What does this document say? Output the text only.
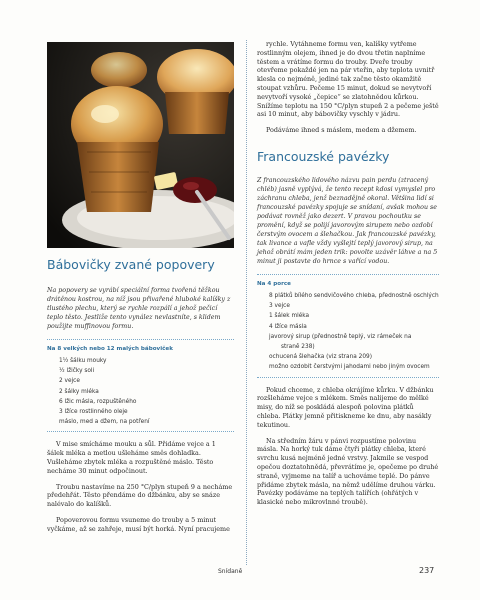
Bábovičky zvané popovery

Na popovery se vyrábí speciální forma tvořená těžkou drátěnou kostrou, na níž jsou přivařené hluboké kalíšky z tlustého plechu, který se rychle rozpálí a jehož pečicí teplo těsto. Jestliže tento vynález nevlastníte, s klidem použijte muffinovou formu.

Na 8 velkých nebo 12 malých báboviček
1½ šálku mouky
½ lžičky soli
2 vejce
2 šálky mléka
6 lžic másla, rozpuštěného
3 lžíce rostlinného oleje
máslo, med a džem, na potření

V mise smícháme mouku a sůl. Přidáme vejce a 1 šálek mléka a metlou ušleháme směs dohladka. Vušleháme zbytek mléka a rozpuštěné máslo. Těsto necháme 30 minut odpočinout.

Troubu nastavíme na 250 °C/plyn stupeň 9 a necháme předehřát. Těsto přendáme do džbánku, aby se snáze nalévalo do kalíšků.

Popoverovou formu vsuneme do trouby a 5 minut vyčkáme, až se zahřeje, musí být horká. Nyní pracujeme

rychle. Vytáhneme formu ven, kalíšky vytřeme rostlinným olejem, ihned je do dvou třetin naplníme těstem a vrátíme formu do trouby. Dveře trouby otevřeme pokaždé jen na pár vteřin, aby teplota uvnitř klesla co nejméně, jediné tak začne těsto okamžitě stoupat vzhůru. Pečeme 15 minut, dokud se nevytvoří nevytvoří vysoké „čepice“ se zlatohnědou kůrkou. Snížíme teplotu na 150 °C/plyn stupeň 2 a pečeme ještě asi 10 minut, aby bábovičky vyschly v jádru.

Podáváme ihned s máslem, medem a džemem.

Francouzské pavézky

Z francouzského lidového názvu pain perdu (ztracený chléb) jasně vyplývá, že tento recept kdosi vymyslel pro záchranu chleba, jenž beznadějně okoral. Většina lidí si francouzské pavézky spojuje se snídaní, avšak mohou se podávat rovněž jako dezert. V pravou pochoutku se promění, když se polijí javorovým sirupem nebo ozdobí čerstvým ovocem a šlehačkou. Jak francouzské pavézky, tak livance a vafle vždy vyšlejtí teplý javorový sirup, na jehož obrátí mám jeden trik: povolte uzávěr láhve a na 5 minut ji postavte do hrnce s vařící vodou.

Na 4 porce
8 plátků bílého sendvičového chleba, přednostně oschlých
3 vejce
1 šálek mléka
4 lžíce másla
javorový sirup (přednostně teplý, viz rámeček na
straně 238)
ochucená šlehačka (viz strana 209)
možno ozdobit čerstvými jahodami nebo jiným ovocem

Pokud chceme, z chleba okrájíme kůrku. V džbánku rozšleháme vejce s mlékem. Směs nalijeme do mělké misy, do níž se poskládá alespoň polovina plátků chleba. Plátky jemně přitiskneme ke dnu, aby nasákly tekutinou.

Na středním žáru v pánvi rozpustíme polovinu másla. Na horký tuk dáme čtyři plátky chleba, které svrchu kusá nejméně jedné vrstvy. Jakmile se vespod opečou doztatohnědá, převrátíme je, opečeme po druhé straně, vyjmeme na talíř a uchováme teplé. Do pánve přidáme zbytek másla, na němž udělíme druhou várku. Pavézky podáváme na teplých talířích (ohřátých v klasické nebo mikrovlnné troubě).

Snídaně	237
